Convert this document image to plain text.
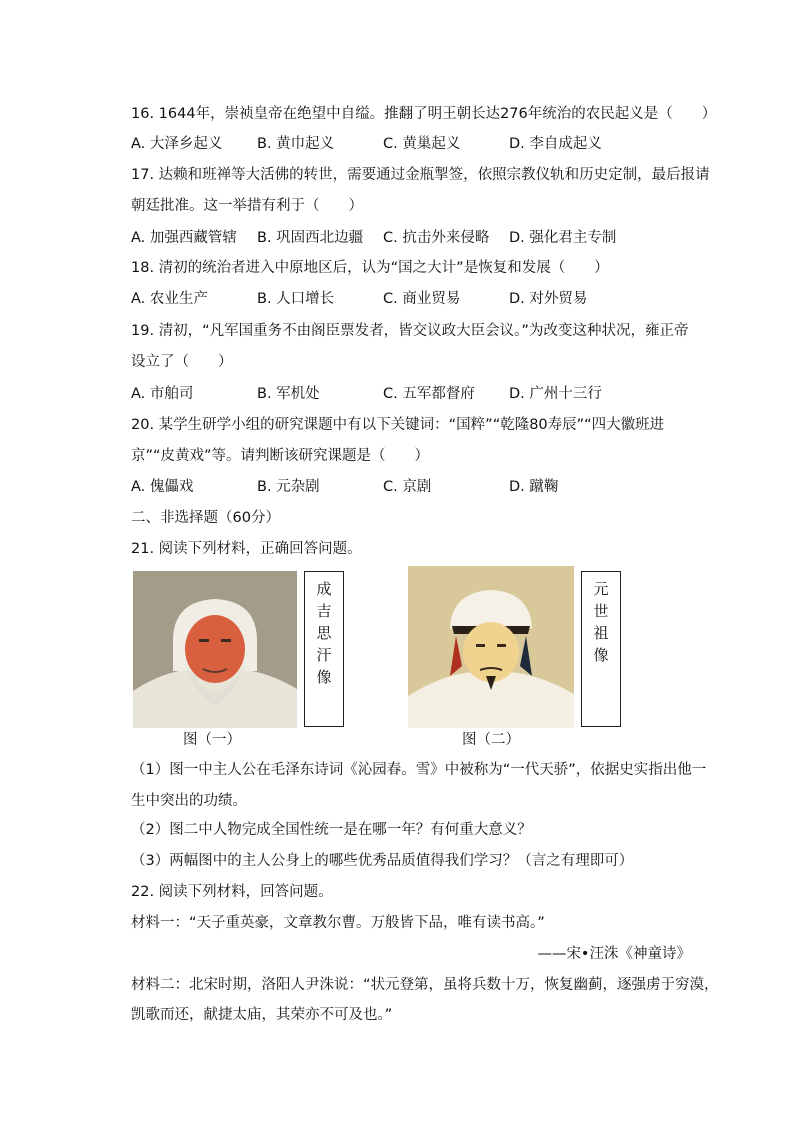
16. 1644年，崇祯皇帝在绝望中自缢。推翻了明王朝长达276年统治的农民起义是（　　）
A. 大泽乡起义 B. 黄巾起义	C. 黄巢起义	D. 李自成起义
17. 达赖和班禅等大活佛的转世，需要通过金瓶掣签，依照宗教仪轨和历史定制，最后报请
朝廷批准。这一举措有利于（　　）
A. 加强西藏管辖 B. 巩固西北边疆 C. 抗击外来侵略 D. 强化君主专制
18. 清初的统治者进入中原地区后，认为“国之大计”是恢复和发展（　　）
A. 农业生产	B. 人口增长	C. 商业贸易	D. 对外贸易
19. 清初，“凡军国重务不由阁臣票发者，皆交议政大臣会议。”为改变这种状况，雍正帝
设立了（　　）
A. 市舶司	B. 军机处	C. 五军都督府 D. 广州十三行
20. 某学生研学小组的研究课题中有以下关键词：“国粹”“乾隆80寿辰”“四大徽班进
京”“皮黄戏”等。请判断该研究课题是（　　）
A. 傀儡戏	B. 元杂剧	C. 京剧	D. 蹴鞠
二、非选择题（60分）
21. 阅读下列材料，正确回答问题。
成
吉
思
汗
像
元
世
祖
像
图（一）	图（二）
（1）图一中主人公在毛泽东诗词《沁园春。雪》中被称为“一代天骄”，依据史实指出他一
生中突出的功绩。
（2）图二中人物完成全国性统一是在哪一年？有何重大意义？
（3）两幅图中的主人公身上的哪些优秀品质值得我们学习？（言之有理即可）
22. 阅读下列材料，回答问题。
材料一：“天子重英豪，文章教尔曹。万般皆下品，唯有读书高。”
——宋•汪洙《神童诗》
材料二：北宋时期，洛阳人尹洙说：“状元登第，虽将兵数十万，恢复幽蓟，逐强虏于穷漠，
凯歌而还，献捷太庙，其荣亦不可及也。”
